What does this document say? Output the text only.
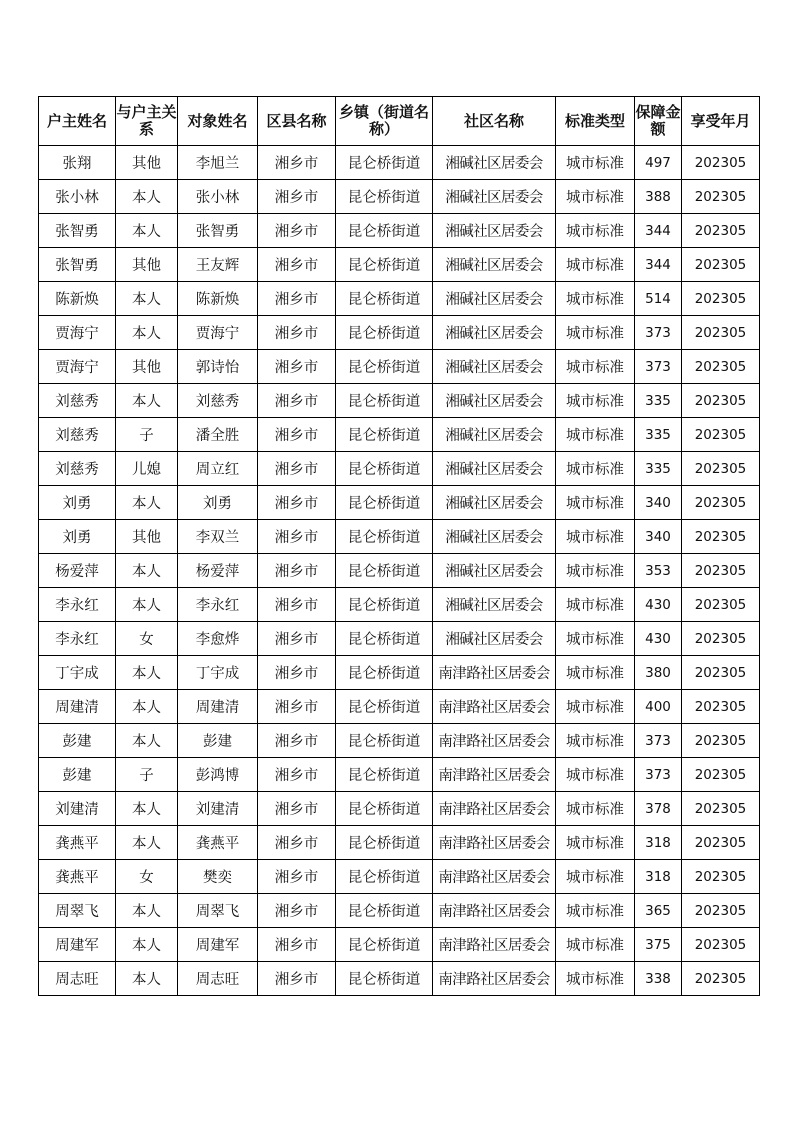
户主姓名	与户主关系	对象姓名	区县名称	乡镇（街道名称）	社区名称	标准类型	保障金额	享受年月
张翔	其他	李旭兰	湘乡市	昆仑桥街道	湘碱社区居委会	城市标准	497	202305
张小林	本人	张小林	湘乡市	昆仑桥街道	湘碱社区居委会	城市标准	388	202305
张智勇	本人	张智勇	湘乡市	昆仑桥街道	湘碱社区居委会	城市标准	344	202305
张智勇	其他	王友辉	湘乡市	昆仑桥街道	湘碱社区居委会	城市标准	344	202305
陈新焕	本人	陈新焕	湘乡市	昆仑桥街道	湘碱社区居委会	城市标准	514	202305
贾海宁	本人	贾海宁	湘乡市	昆仑桥街道	湘碱社区居委会	城市标准	373	202305
贾海宁	其他	郭诗怡	湘乡市	昆仑桥街道	湘碱社区居委会	城市标准	373	202305
刘慈秀	本人	刘慈秀	湘乡市	昆仑桥街道	湘碱社区居委会	城市标准	335	202305
刘慈秀	子	潘全胜	湘乡市	昆仑桥街道	湘碱社区居委会	城市标准	335	202305
刘慈秀	儿媳	周立红	湘乡市	昆仑桥街道	湘碱社区居委会	城市标准	335	202305
刘勇	本人	刘勇	湘乡市	昆仑桥街道	湘碱社区居委会	城市标准	340	202305
刘勇	其他	李双兰	湘乡市	昆仑桥街道	湘碱社区居委会	城市标准	340	202305
杨爱萍	本人	杨爱萍	湘乡市	昆仑桥街道	湘碱社区居委会	城市标准	353	202305
李永红	本人	李永红	湘乡市	昆仑桥街道	湘碱社区居委会	城市标准	430	202305
李永红	女	李愈烨	湘乡市	昆仑桥街道	湘碱社区居委会	城市标准	430	202305
丁宇成	本人	丁宇成	湘乡市	昆仑桥街道	南津路社区居委会	城市标准	380	202305
周建清	本人	周建清	湘乡市	昆仑桥街道	南津路社区居委会	城市标准	400	202305
彭建	本人	彭建	湘乡市	昆仑桥街道	南津路社区居委会	城市标准	373	202305
彭建	子	彭鸿博	湘乡市	昆仑桥街道	南津路社区居委会	城市标准	373	202305
刘建清	本人	刘建清	湘乡市	昆仑桥街道	南津路社区居委会	城市标准	378	202305
龚燕平	本人	龚燕平	湘乡市	昆仑桥街道	南津路社区居委会	城市标准	318	202305
龚燕平	女	樊奕	湘乡市	昆仑桥街道	南津路社区居委会	城市标准	318	202305
周翠飞	本人	周翠飞	湘乡市	昆仑桥街道	南津路社区居委会	城市标准	365	202305
周建军	本人	周建军	湘乡市	昆仑桥街道	南津路社区居委会	城市标准	375	202305
周志旺	本人	周志旺	湘乡市	昆仑桥街道	南津路社区居委会	城市标准	338	202305
